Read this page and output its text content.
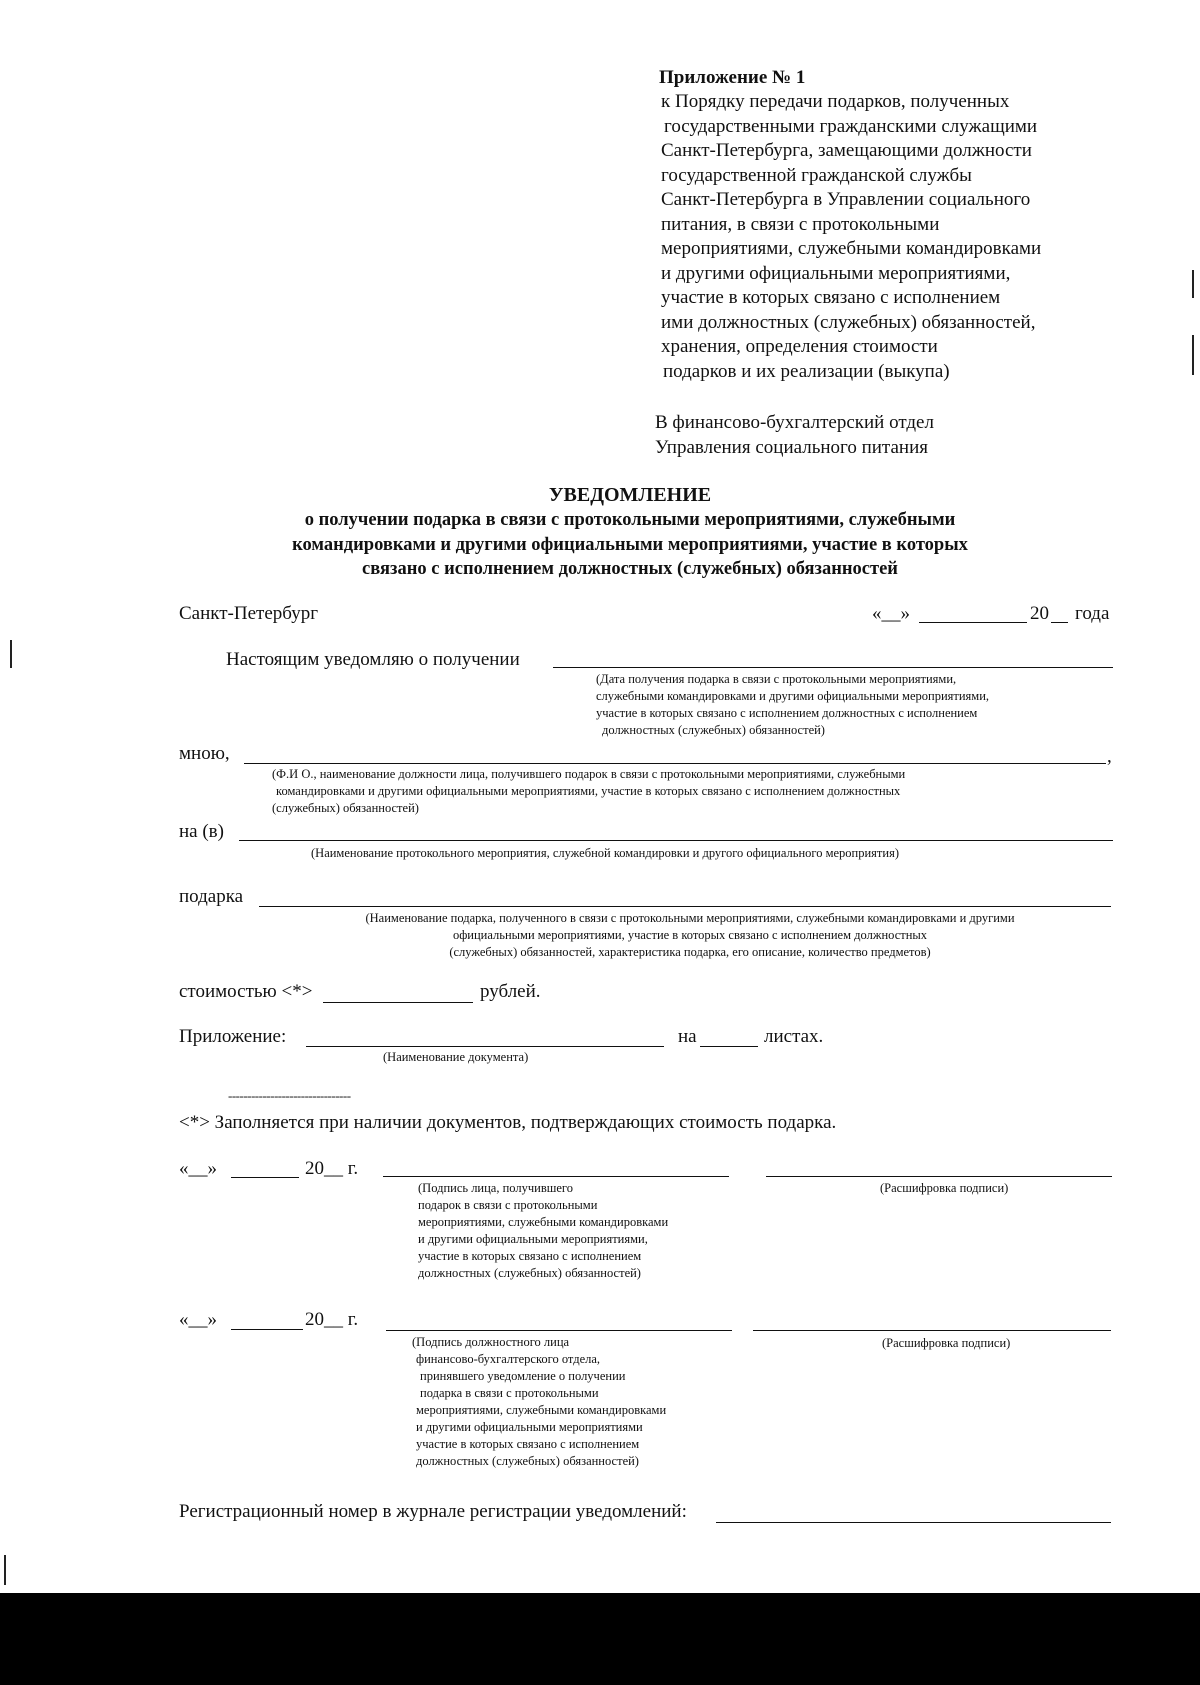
Приложение № 1
к Порядку передачи подарков, полученных
государственными гражданскими служащими
Санкт-Петербурга, замещающими должности
государственной гражданской службы
Санкт-Петербурга в Управлении социального
питания, в связи с протокольными
мероприятиями, служебными командировками
и другими официальными мероприятиями,
участие в которых связано с исполнением
ими должностных (служебных) обязанностей,
хранения, определения стоимости
подарков и их реализации (выкупа)
В финансово-бухгалтерский отдел
Управления социального питания
УВЕДОМЛЕНИЕ
о получении подарка в связи с протокольными мероприятиями, служебными
командировками и другими официальными мероприятиями, участие в которых
связано с исполнением должностных (служебных) обязанностей
Санкт-Петербург	«__»	20 года
Настоящим уведомляю о получении
(Дата получения подарка в связи с протокольными мероприятиями,
служебными командировками и другими официальными мероприятиями,
участие в которых связано с исполнением должностных с исполнением
должностных (служебных) обязанностей)
мною,	,
(Ф.И О., наименование должности лица, получившего подарок в связи с протокольными мероприятиями, служебными
командировками и другими официальными мероприятиями, участие в которых связано с исполнением должностных
(служебных) обязанностей)
на (в)
(Наименование протокольного мероприятия, служебной командировки и другого официального мероприятия)
подарка
(Наименование подарка, полученного в связи с протокольными мероприятиями, служебными командировками и другими
официальными мероприятиями, участие в которых связано с исполнением должностных
(служебных) обязанностей, характеристика подарка, его описание, количество предметов)
стоимостью <*>	рублей.
Приложение:	на	листах.
(Наименование документа)
--------------------------------
<*> Заполняется при наличии документов, подтверждающих стоимость подарка.
«__»	20__ г.
(Подпись лица, получившего
подарок в связи с протокольными
мероприятиями, служебными командировками
и другими официальными мероприятиями,
участие в которых связано с исполнением
должностных (служебных) обязанностей)
(Расшифровка подписи)
«__»	20__ г.
(Подпись должностного лица
финансово-бухгалтерского отдела,
принявшего уведомление о получении
подарка в связи с протокольными
мероприятиями, служебными командировками
и другими официальными мероприятиями
участие в которых связано с исполнением
должностных (служебных) обязанностей)
(Расшифровка подписи)
Регистрационный номер в журнале регистрации уведомлений:
